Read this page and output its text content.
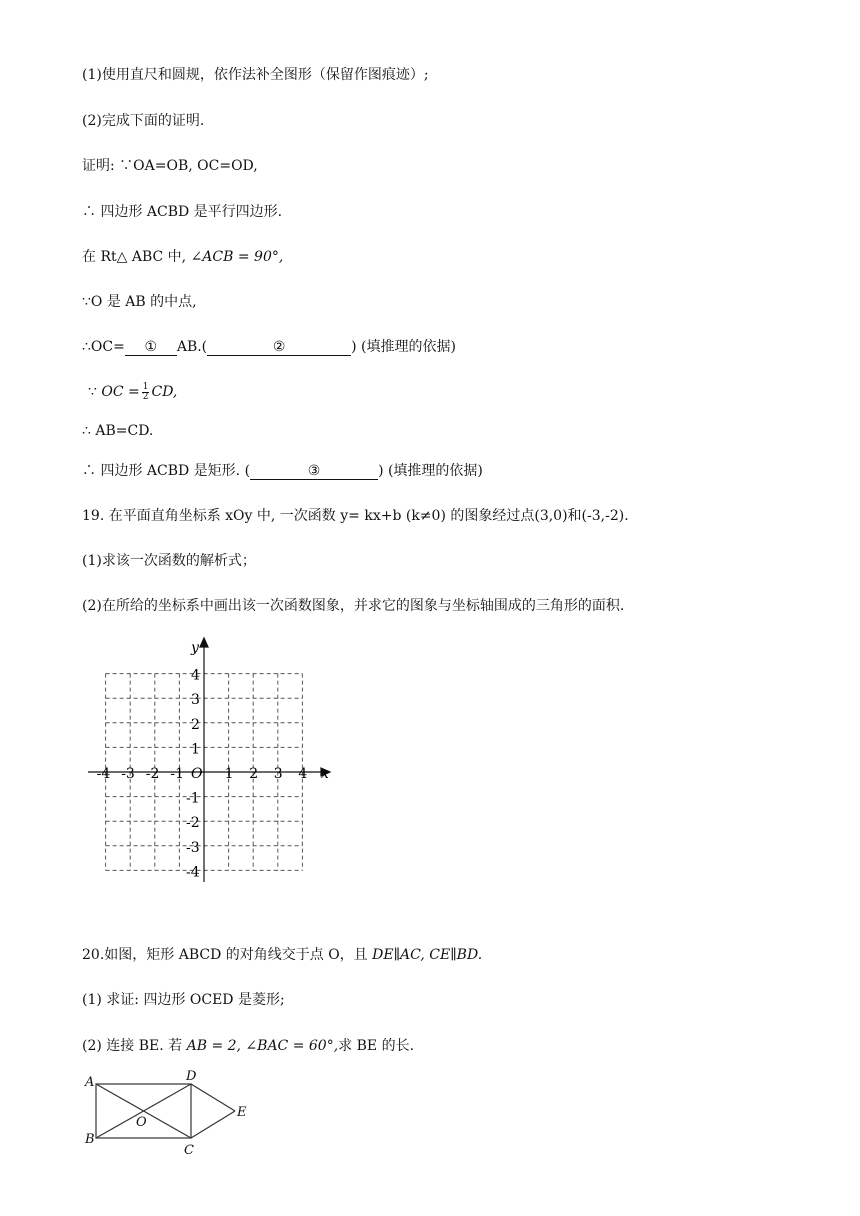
(1)使用直尺和圆规，依作法补全图形（保留作图痕迹）;
(2)完成下面的证明.
证明: ∵OA=OB, OC=OD,
∴ 四边形 ACBD 是平行四边形.
在 Rt△ ABC 中, ∠ACB = 90°,
∵O 是 AB 的中点,
∴OC= ① AB.(	②	) (填推理的依据)
∵ OC = $\frac{1}{2}$ CD,
∴ AB=CD.
∴ 四边形 ACBD 是矩形. (	③	) (填推理的依据)
19. 在平面直角坐标系 xOy 中, 一次函数 y= kx+b (k≠0) 的图象经过点(3,0)和(-3,-2).
(1)求该一次函数的解析式；
(2)在所给的坐标系中画出该一次函数图象，并求它的图象与坐标轴围成的三角形的面积.
x
y
O
-4 -3 -2 -1	1 2 3 4
4
3
2
1
-1
-2
-3
-4
20.如图，矩形 ABCD 的对角线交于点 O，且 DE∥AC, CE∥BD.
(1) 求证: 四边形 OCED 是菱形;
(2) 连接 BE. 若 AB = 2, ∠BAC = 60°,求 BE 的长.
A
B
C
D
E
O
